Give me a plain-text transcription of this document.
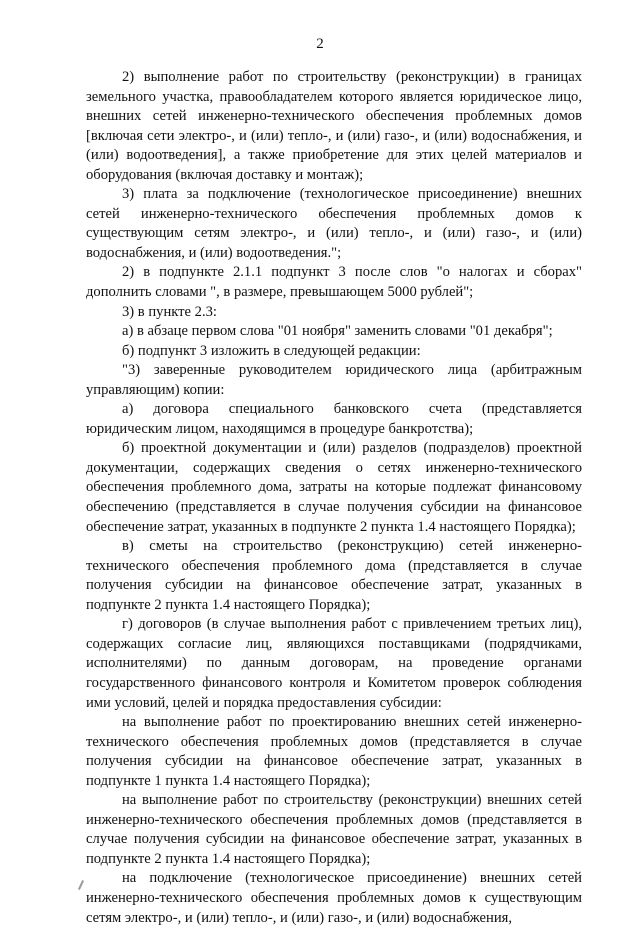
2

2) выполнение работ по строительству (реконструкции) в границах земельного участка, правообладателем которого является юридическое лицо, внешних сетей инженерно-технического обеспечения проблемных домов [включая сети электро-, и (или) тепло-, и (или) газо-, и (или) водоснабжения, и (или) водоотведения], а также приобретение для этих целей материалов и оборудования (включая доставку и монтаж);

3) плата за подключение (технологическое присоединение) внешних сетей инженерно-технического обеспечения проблемных домов к существующим сетям электро-, и (или) тепло-, и (или) газо-, и (или) водоснабжения, и (или) водоотведения.";

2) в подпункте 2.1.1 подпункт 3 после слов "о налогах и сборах" дополнить словами ", в размере, превышающем 5000 рублей";

3) в пункте 2.3:

а) в абзаце первом слова "01 ноября" заменить словами "01 декабря";

б) подпункт 3 изложить в следующей редакции:

"3) заверенные руководителем юридического лица (арбитражным управляющим) копии:

а) договора специального банковского счета (представляется юридическим лицом, находящимся в процедуре банкротства);

б) проектной документации и (или) разделов (подразделов) проектной документации, содержащих сведения о сетях инженерно-технического обеспечения проблемного дома, затраты на которые подлежат финансовому обеспечению (представляется в случае получения субсидии на финансовое обеспечение затрат, указанных в подпункте 2 пункта 1.4 настоящего Порядка);

в) сметы на строительство (реконструкцию) сетей инженерно-технического обеспечения проблемного дома (представляется в случае получения субсидии на финансовое обеспечение затрат, указанных в подпункте 2 пункта 1.4 настоящего Порядка);

г) договоров (в случае выполнения работ с привлечением третьих лиц), содержащих согласие лиц, являющихся поставщиками (подрядчиками, исполнителями) по данным договорам, на проведение органами государственного финансового контроля и Комитетом проверок соблюдения ими условий, целей и порядка предоставления субсидии:

на выполнение работ по проектированию внешних сетей инженерно-технического обеспечения проблемных домов (представляется в случае получения субсидии на финансовое обеспечение затрат, указанных в подпункте 1 пункта 1.4 настоящего Порядка);

на выполнение работ по строительству (реконструкции) внешних сетей инженерно-технического обеспечения проблемных домов (представляется в случае получения субсидии на финансовое обеспечение затрат, указанных в подпункте 2 пункта 1.4 настоящего Порядка);

на подключение (технологическое присоединение) внешних сетей инженерно-технического обеспечения проблемных домов к существующим сетям электро-, и (или) тепло-, и (или) газо-, и (или) водоснабжения,
